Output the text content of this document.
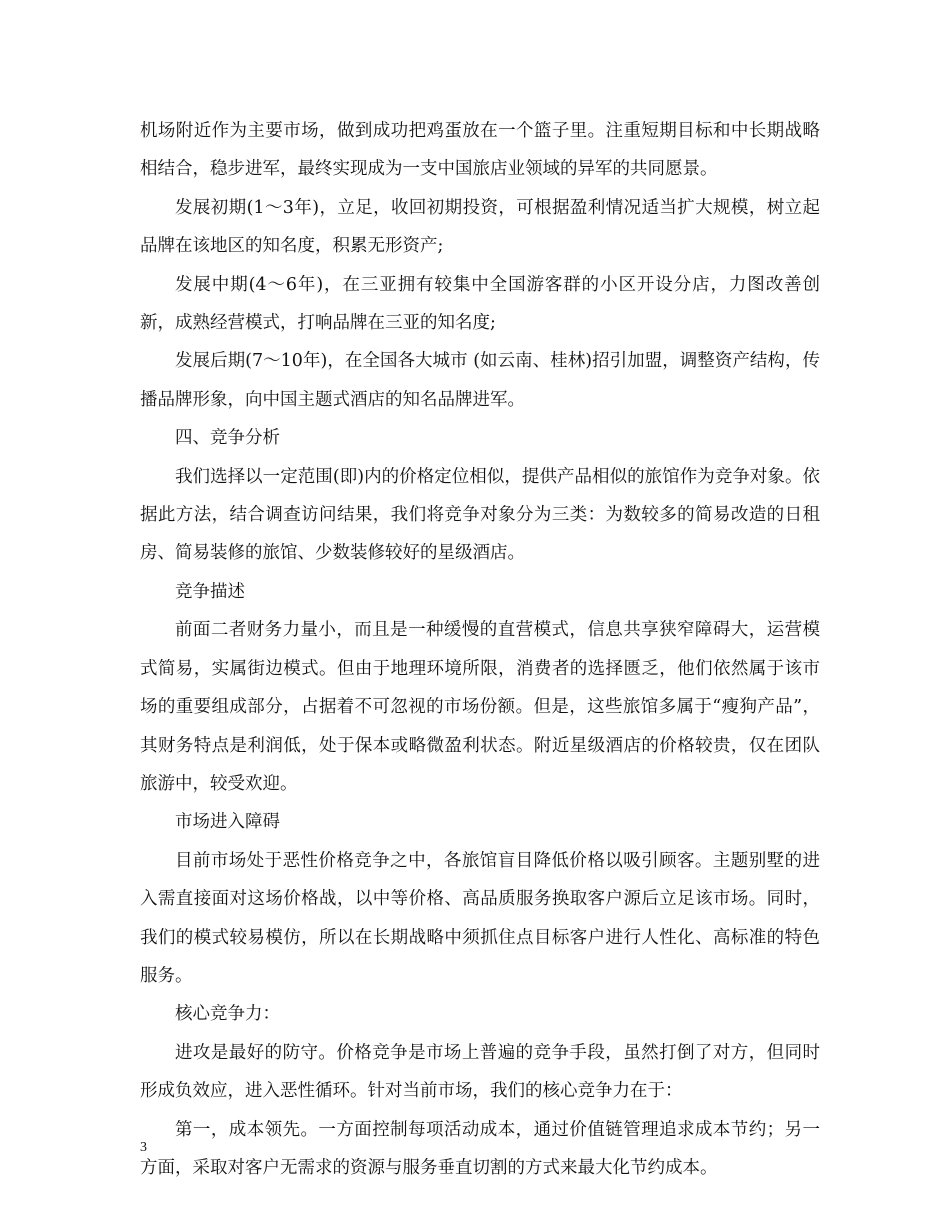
机场附近作为主要市场，做到成功把鸡蛋放在一个篮子里。注重短期目标和中长期战略相结合，稳步进军，最终实现成为一支中国旅店业领域的异军的共同愿景。

发展初期(1～3年)，立足，收回初期投资，可根据盈利情况适当扩大规模，树立起品牌在该地区的知名度，积累无形资产;

发展中期(4～6年)，在三亚拥有较集中全国游客群的小区开设分店，力图改善创新，成熟经营模式，打响品牌在三亚的知名度;

发展后期(7～10年)，在全国各大城市 (如云南、桂林)招引加盟，调整资产结构，传播品牌形象，向中国主题式酒店的知名品牌进军。

四、竞争分析

我们选择以一定范围(即)内的价格定位相似，提供产品相似的旅馆作为竞争对象。依据此方法，结合调查访问结果，我们将竞争对象分为三类：为数较多的简易改造的日租房、简易装修的旅馆、少数装修较好的星级酒店。

竞争描述

前面二者财务力量小，而且是一种缓慢的直营模式，信息共享狭窄障碍大，运营模式简易，实属街边模式。但由于地理环境所限，消费者的选择匮乏，他们依然属于该市场的重要组成部分，占据着不可忽视的市场份额。但是，这些旅馆多属于“瘦狗产品”，其财务特点是利润低，处于保本或略微盈利状态。附近星级酒店的价格较贵，仅在团队旅游中，较受欢迎。

市场进入障碍

目前市场处于恶性价格竞争之中，各旅馆盲目降低价格以吸引顾客。主题别墅的进入需直接面对这场价格战，以中等价格、高品质服务换取客户源后立足该市场。同时，我们的模式较易模仿，所以在长期战略中须抓住点目标客户进行人性化、高标准的特色服务。

核心竞争力：

进攻是最好的防守。价格竞争是市场上普遍的竞争手段，虽然打倒了对方，但同时形成负效应，进入恶性循环。针对当前市场，我们的核心竞争力在于：

第一，成本领先。一方面控制每项活动成本，通过价值链管理追求成本节约；另一方面，采取对客户无需求的资源与服务垂直切割的方式来最大化节约成本。

3
